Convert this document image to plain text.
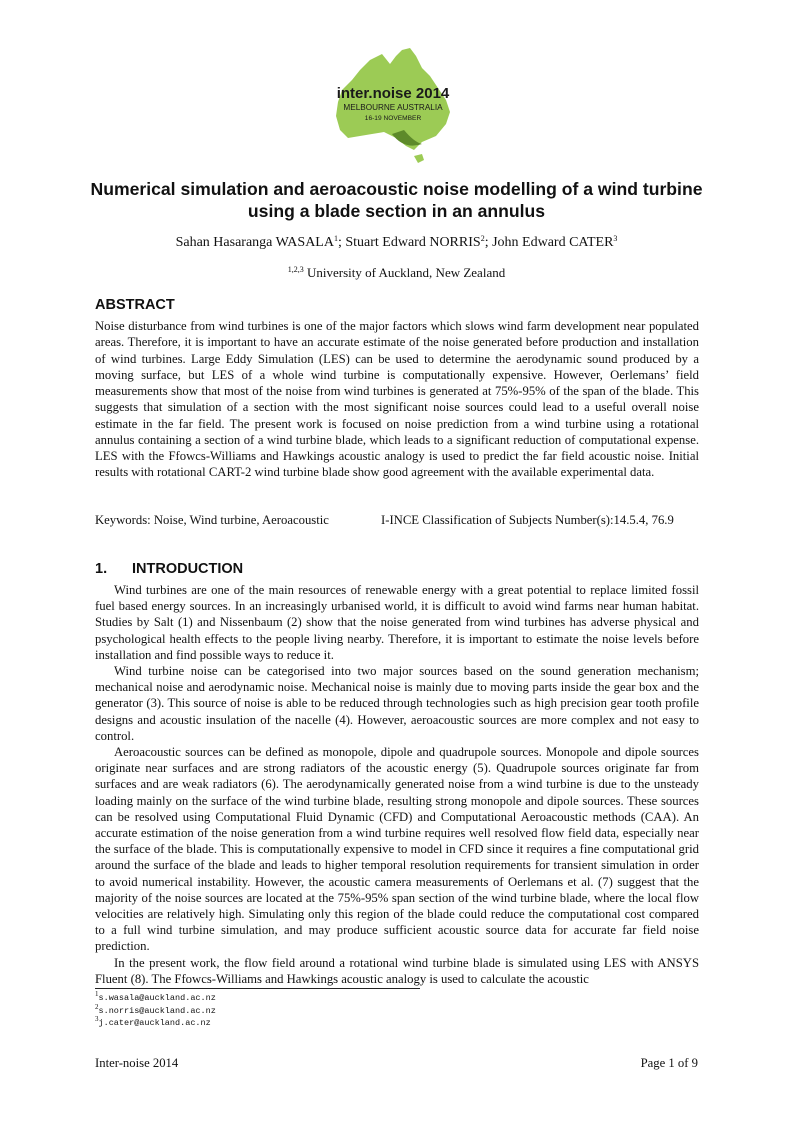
inter.noise 2014
MELBOURNE AUSTRALIA
16-19 NOVEMBER
Numerical simulation and aeroacoustic noise modelling of a wind turbine using a blade section in an annulus
Sahan Hasaranga WASALA$^1$; Stuart Edward NORRIS$^2$; John Edward CATER$^3$
$^{1,2,3}$ University of Auckland, New Zealand
ABSTRACT

Noise disturbance from wind turbines is one of the major factors which slows wind farm development near populated areas. Therefore, it is important to have an accurate estimate of the noise generated before production and installation of wind turbines. Large Eddy Simulation (LES) can be used to determine the aerodynamic sound produced by a moving surface, but LES of a whole wind turbine is computationally expensive. However, Oerlemans’ field measurements show that most of the noise from wind turbines is generated at 75%-95% of the span of the blade. This suggests that simulation of a section with the most significant noise sources could lead to a useful overall noise estimate in the far field. The present work is focused on noise prediction from a wind turbine using a rotational annulus containing a section of a wind turbine blade, which leads to a significant reduction of computational expense. LES with the Ffowcs-Williams and Hawkings acoustic analogy is used to predict the far field acoustic noise. Initial results with rotational CART-2 wind turbine blade show good agreement with the available experimental data.

Keywords: Noise, Wind turbine, Aeroacoustic	I-INCE Classification of Subjects Number(s):14.5.4, 76.9
1. INTRODUCTION

Wind turbines are one of the main resources of renewable energy with a great potential to replace limited fossil fuel based energy sources. In an increasingly urbanised world, it is difficult to avoid wind farms near human habitat. Studies by Salt (1) and Nissenbaum (2) show that the noise generated from wind turbines has adverse physical and psychological health effects to the people living nearby. Therefore, it is important to estimate the noise levels before installation and find possible ways to reduce it.

Wind turbine noise can be categorised into two major sources based on the sound generation mechanism; mechanical noise and aerodynamic noise. Mechanical noise is mainly due to moving parts inside the gear box and the generator (3). This source of noise is able to be reduced through technologies such as high precision gear tooth profile designs and acoustic insulation of the nacelle (4). However, aeroacoustic sources are more complex and not easy to control.

Aeroacoustic sources can be defined as monopole, dipole and quadrupole sources. Monopole and dipole sources originate near surfaces and are strong radiators of the acoustic energy (5). Quadrupole sources originate far from surfaces and are weak radiators (6). The aerodynamically generated noise from a wind turbine is due to the unsteady loading mainly on the surface of the wind turbine blade, resulting strong monopole and dipole sources. These sources can be resolved using Computational Fluid Dynamic (CFD) and Computational Aeroacoustic methods (CAA). An accurate estimation of the noise generation from a wind turbine requires well resolved flow field data, especially near the surface of the blade. This is computationally expensive to model in CFD since it requires a fine computational grid around the surface of the blade and leads to higher temporal resolution requirements for transient simulation in order to avoid numerical instability. However, the acoustic camera measurements of Oerlemans et al. (7) suggest that the majority of the noise sources are located at the 75%-95% span section of the wind turbine blade, where the local flow velocities are relatively high. Simulating only this region of the blade could reduce the computational cost compared to a full wind turbine simulation, and may produce sufficient acoustic source data for accurate far field noise prediction.

In the present work, the flow field around a rotational wind turbine blade is simulated using LES with ANSYS Fluent (8). The Ffowcs-Williams and Hawkings acoustic analogy is used to calculate the acoustic

$^1$s.wasala@auckland.ac.nz
$^2$s.norris@auckland.ac.nz
$^3$j.cater@auckland.ac.nz
Inter-noise 2014	Page 1 of 9
